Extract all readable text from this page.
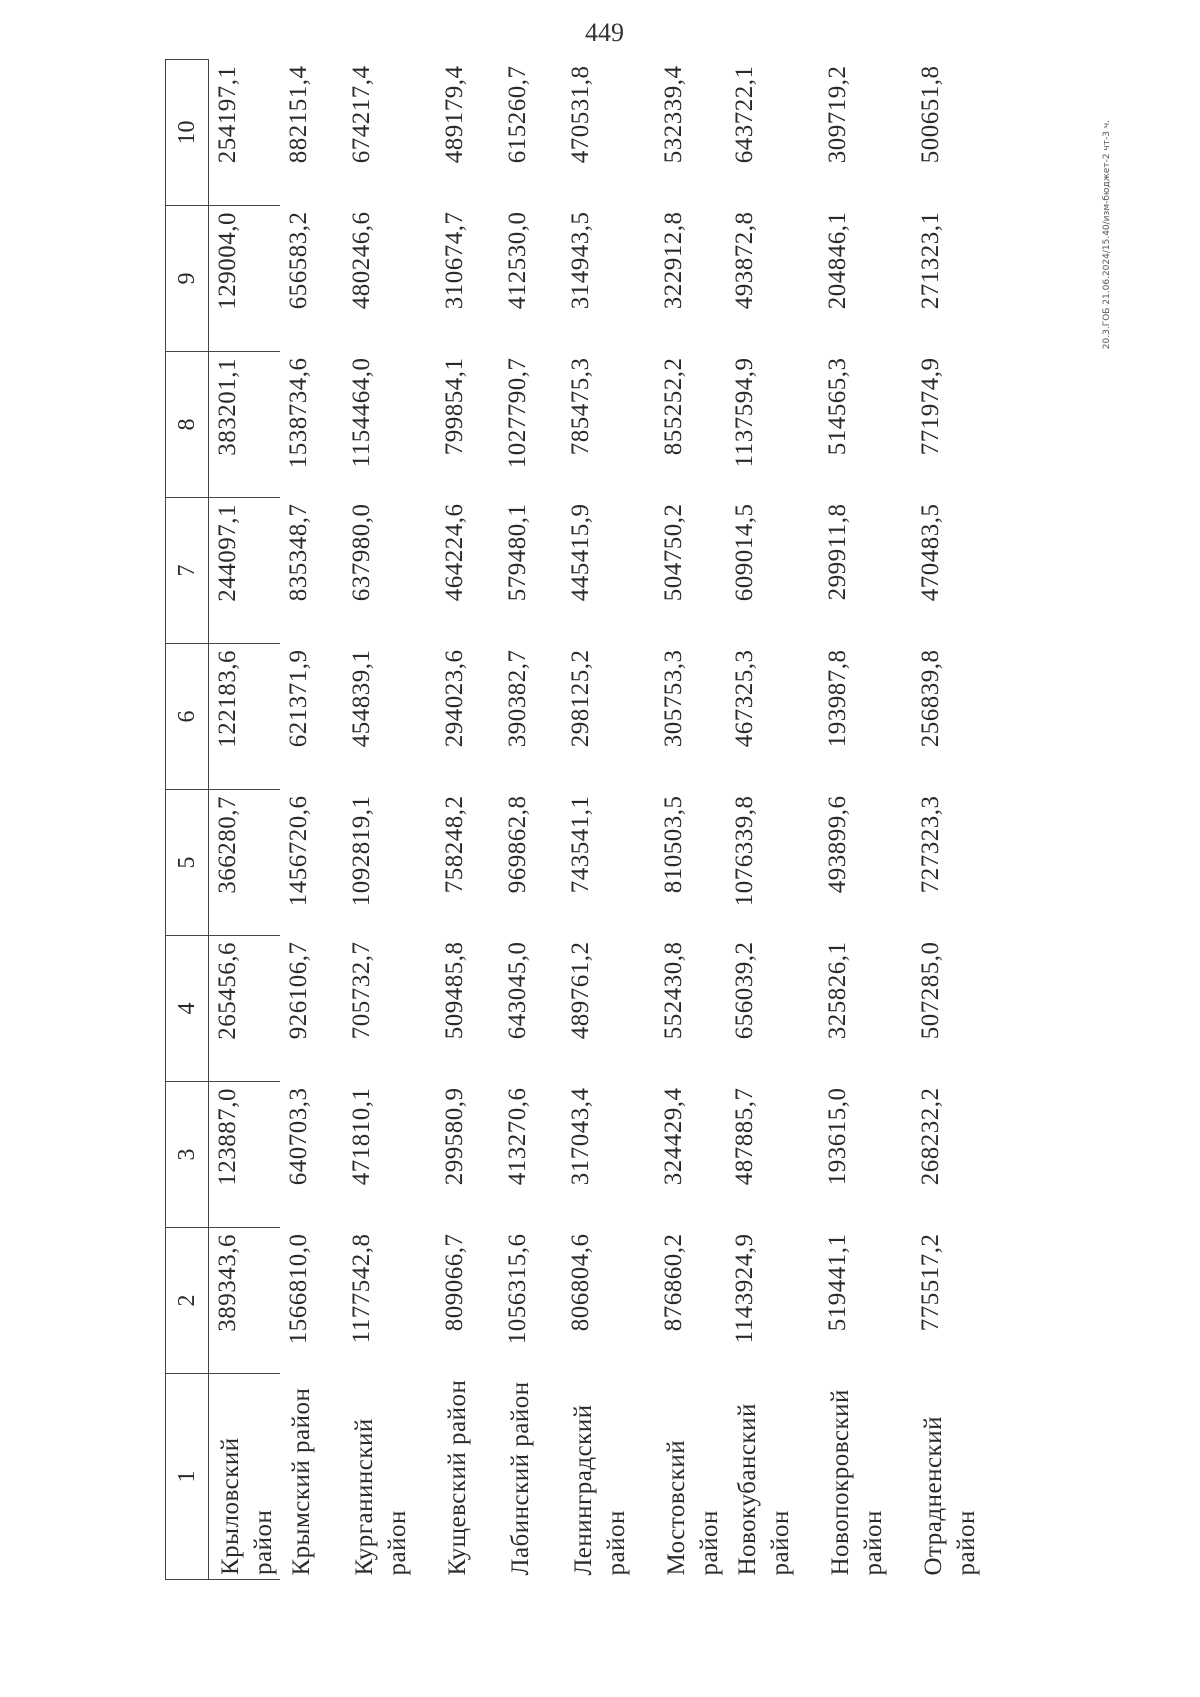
449
20.3.ГОБ 21.06.2024/15.40/изм-бюджет-2 чт-3 ч.
1	2	3	4	5	6	7	8	9	10
Крыловский район	389343,6	123887,0	265456,6	366280,7	122183,6	244097,1	383201,1	129004,0	254197,1
Крымский район	1566810,0	640703,3	926106,7	1456720,6	621371,9	835348,7	1538734,6	656583,2	882151,4
Курганинский район	1177542,8	471810,1	705732,7	1092819,1	454839,1	637980,0	1154464,0	480246,6	674217,4
Кущевский район	809066,7	299580,9	509485,8	758248,2	294023,6	464224,6	799854,1	310674,7	489179,4
Лабинский район	1056315,6	413270,6	643045,0	969862,8	390382,7	579480,1	1027790,7	412530,0	615260,7
Ленинградский район	806804,6	317043,4	489761,2	743541,1	298125,2	445415,9	785475,3	314943,5	470531,8
Мостовский район	876860,2	324429,4	552430,8	810503,5	305753,3	504750,2	855252,2	322912,8	532339,4
Новокубанский район	1143924,9	487885,7	656039,2	1076339,8	467325,3	609014,5	1137594,9	493872,8	643722,1
Новопокровский район	519441,1	193615,0	325826,1	493899,6	193987,8	299911,8	514565,3	204846,1	309719,2
Отрадненский район	775517,2	268232,2	507285,0	727323,3	256839,8	470483,5	771974,9	271323,1	500651,8
